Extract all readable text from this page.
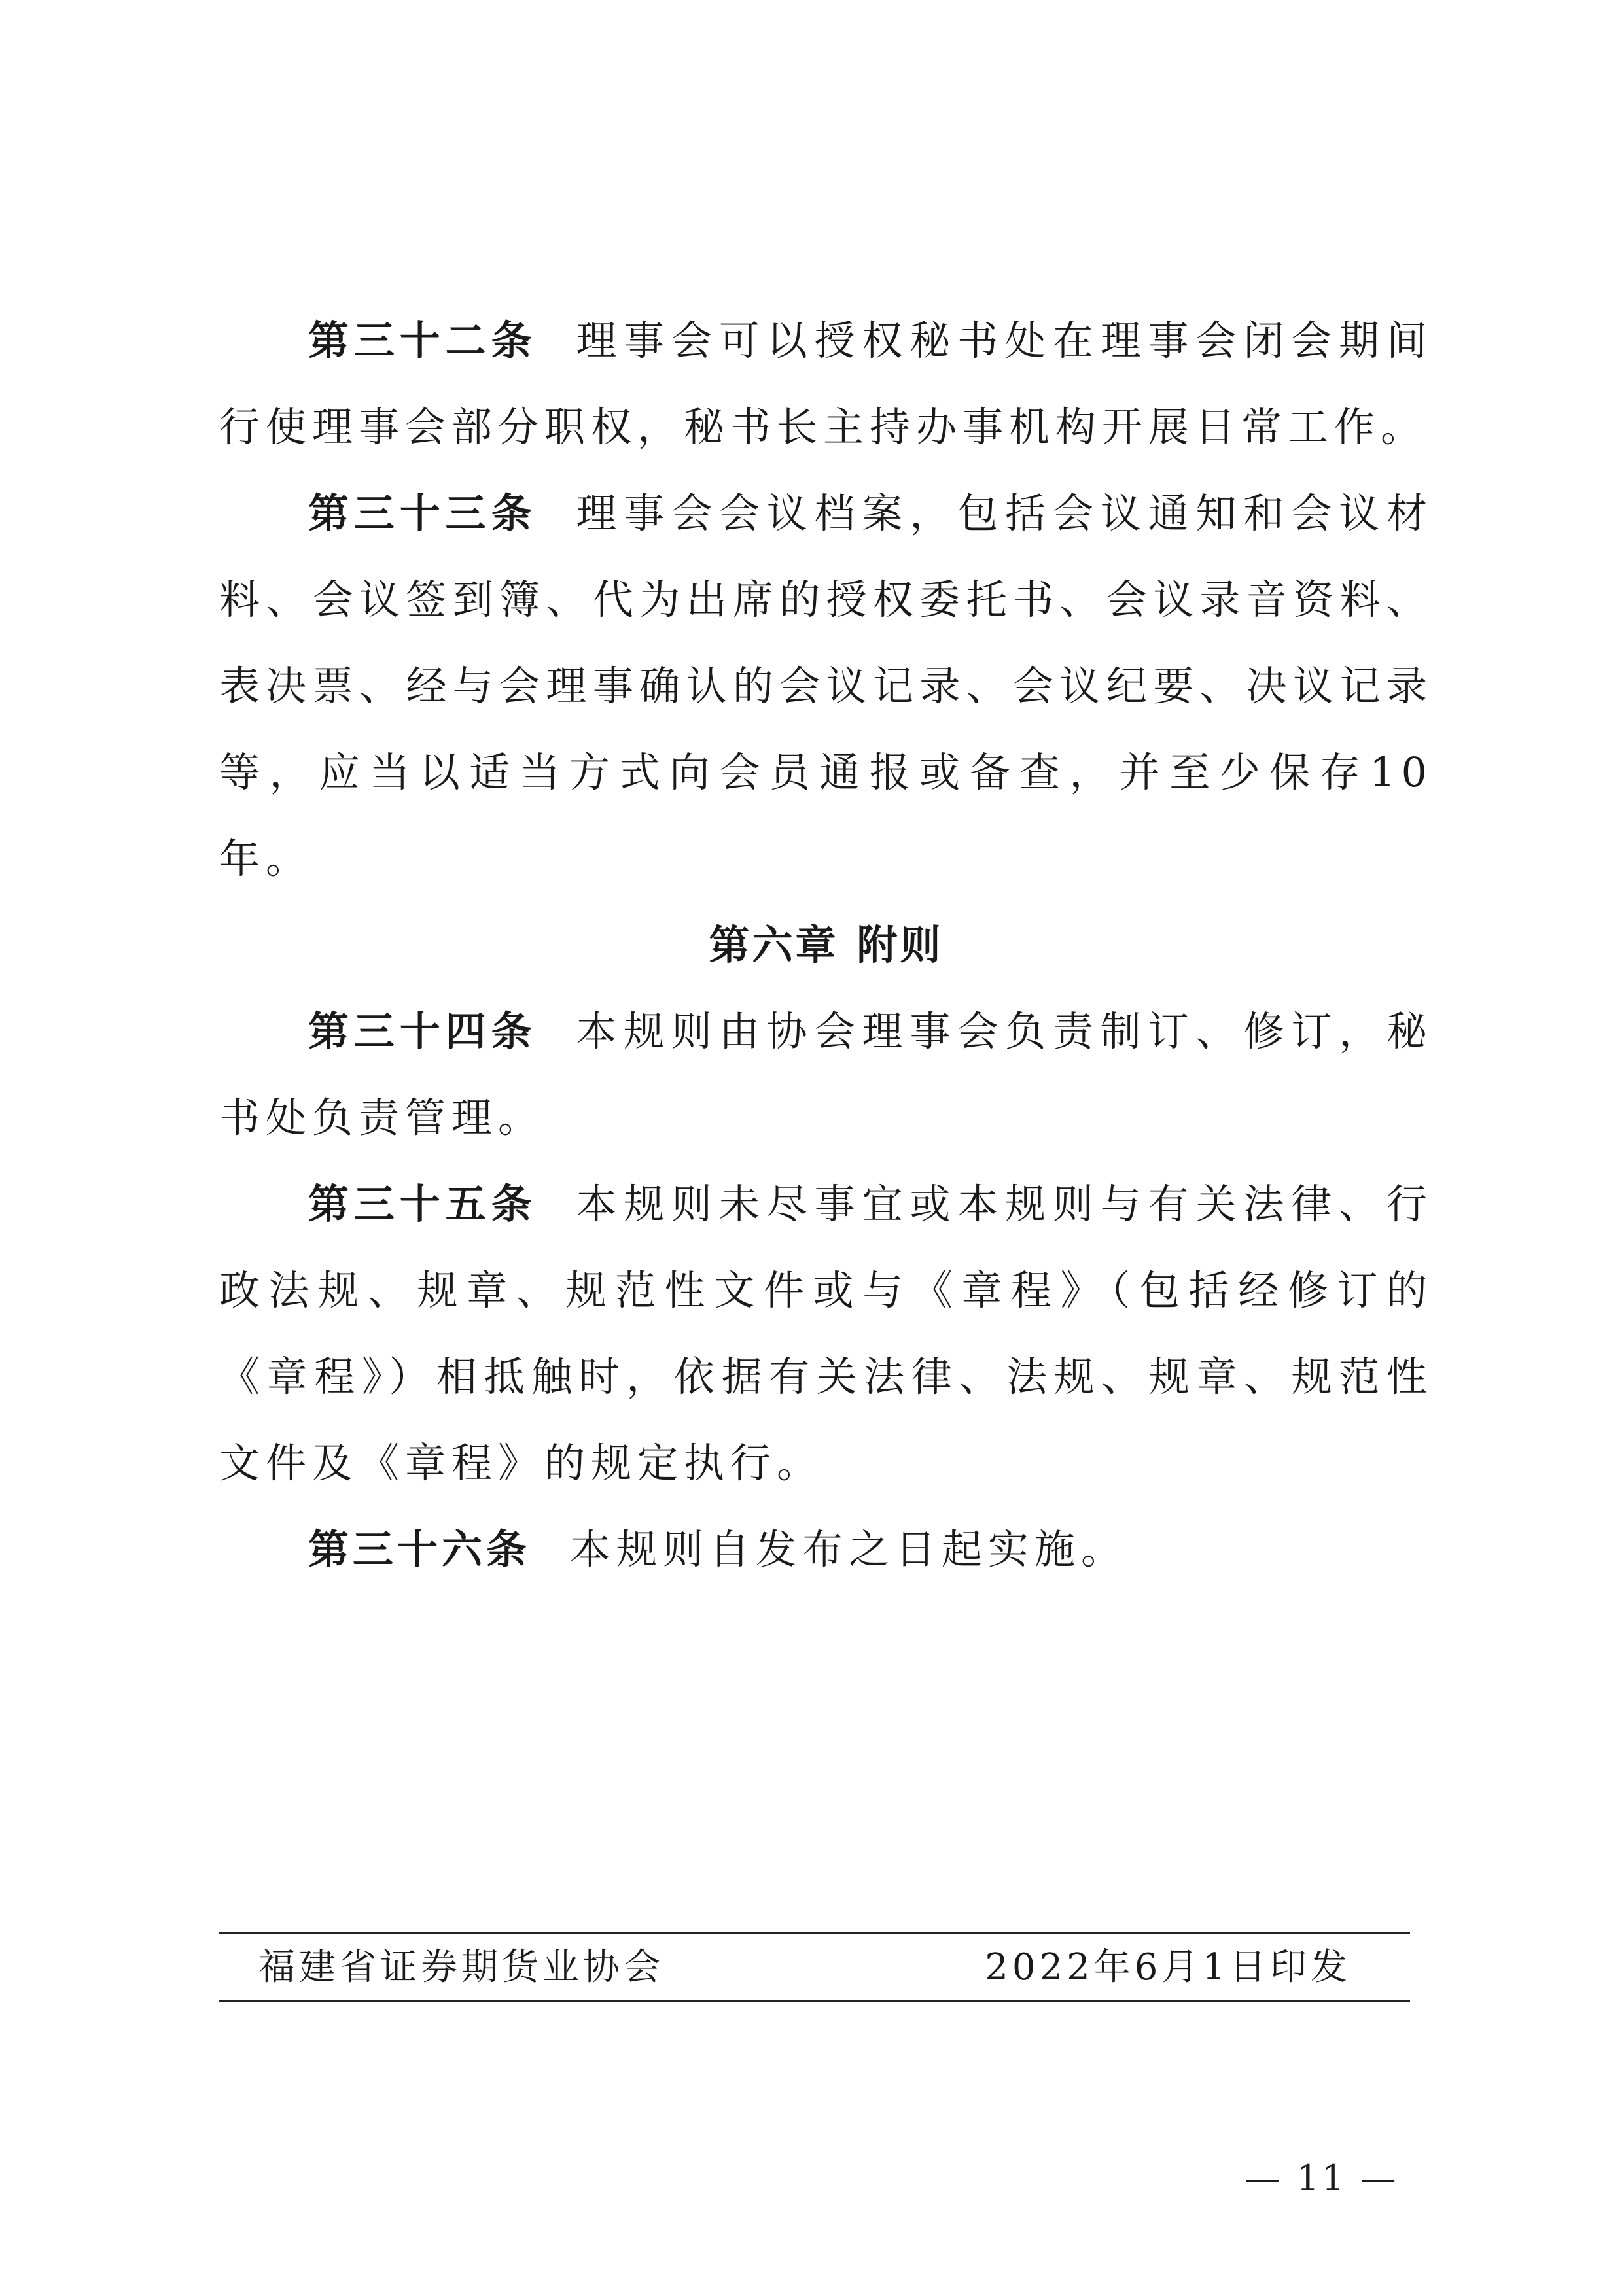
第三十二条 理事会可以授权秘书处在理事会闭会期间行使理事会部分职权，秘书长主持办事机构开展日常工作。

第三十三条 理事会会议档案，包括会议通知和会议材料、会议签到簿、代为出席的授权委托书、会议录音资料、表决票、经与会理事确认的会议记录、会议纪要、决议记录等，应当以适当方式向会员通报或备查，并至少保存10年。

第六章 附则

第三十四条 本规则由协会理事会负责制订、修订，秘书处负责管理。

第三十五条 本规则未尽事宜或本规则与有关法律、行政法规、规章、规范性文件或与《章程》（包括经修订的《章程》）相抵触时，依据有关法律、法规、规章、规范性文件及《章程》的规定执行。

第三十六条 本规则自发布之日起实施。

福建省证券期货业协会	2022年6月1日印发
— 11 —
